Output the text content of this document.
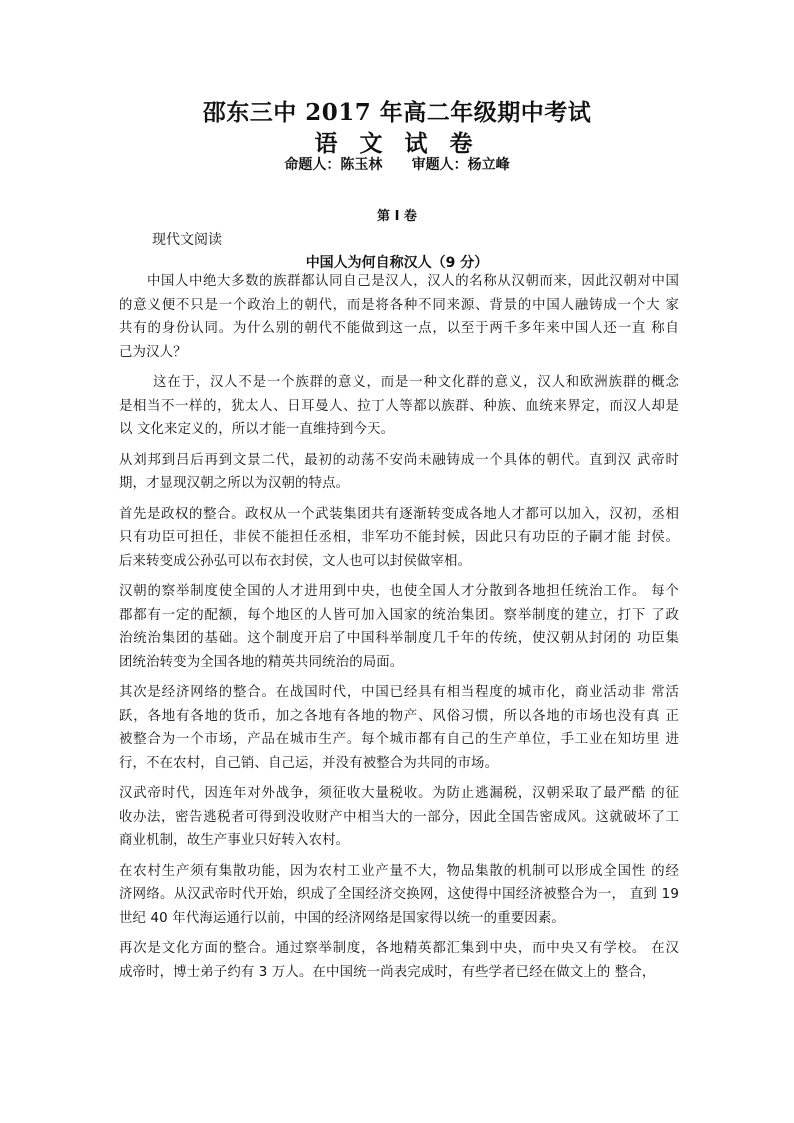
邵东三中 2017 年高二年级期中考试
语 文 试 卷
命题人：陈玉林      审题人：杨立峰
第 I 卷
现代文阅读
中国人为何自称汉人（9 分）
中国人中绝大多数的族群都认同自己是汉人，汉人的名称从汉朝而来，因此汉朝对中国
的意义便不只是一个政治上的朝代，而是将各种不同来源、背景的中国人融铸成一个大 家
共有的身份认同。为什么别的朝代不能做到这一点，以至于两千多年来中国人还一直 称自
己为汉人？
这在于，汉人不是一个族群的意义，而是一种文化群的意义，汉人和欧洲族群的概念
是相当不一样的，犹太人、日耳曼人、拉丁人等都以族群、种族、血统来界定，而汉人却是
以 文化来定义的，所以才能一直维持到今天。
从刘邦到吕后再到文景二代，最初的动荡不安尚未融铸成一个具体的朝代。直到汉 武帝时
期，才显现汉朝之所以为汉朝的特点。
首先是政权的整合。政权从一个武装集团共有逐渐转变成各地人才都可以加入，汉初，丞相
只有功臣可担任，非侯不能担任丞相，非军功不能封候，因此只有功臣的子嗣才能 封侯。
后来转变成公孙弘可以布衣封侯，文人也可以封侯做宰相。
汉朝的察举制度使全国的人才进用到中央，也使全国人才分散到各地担任统治工作。 每个
郡都有一定的配额，每个地区的人皆可加入国家的统治集团。察举制度的建立，打下 了政
治统治集团的基础。这个制度开启了中国科举制度几千年的传统，使汉朝从封闭的 功臣集
团统治转变为全国各地的精英共同统治的局面。
其次是经济网络的整合。在战国时代，中国已经具有相当程度的城市化，商业活动非 常活
跃，各地有各地的货币，加之各地有各地的物产、风俗习惯，所以各地的市场也没有真 正
被整合为一个市场，产品在城市生产。每个城市都有自己的生产单位，手工业在知坊里 进
行，不在农村，自己销、自己运，并没有被整合为共同的市场。
汉武帝时代，因连年对外战争，须征收大量税收。为防止逃漏税，汉朝采取了最严酷 的征
收办法，密告逃税者可得到没收财产中相当大的一部分，因此全国告密成风。这就破坏了工
商业机制，故生产事业只好转入农村。
在农村生产须有集散功能，因为农村工业产量不大，物品集散的机制可以形成全国性 的经
济网络。从汉武帝时代开始，织成了全国经济交换网，这使得中国经济被整合为一， 直到 19
世纪 40 年代海运通行以前，中国的经济网络是国家得以统一的重要因素。
再次是文化方面的整合。通过察举制度，各地精英都汇集到中央，而中央又有学校。 在汉
成帝时，博士弟子约有 3 万人。在中国统一尚表完成时，有些学者已经在做文上的 整合，
